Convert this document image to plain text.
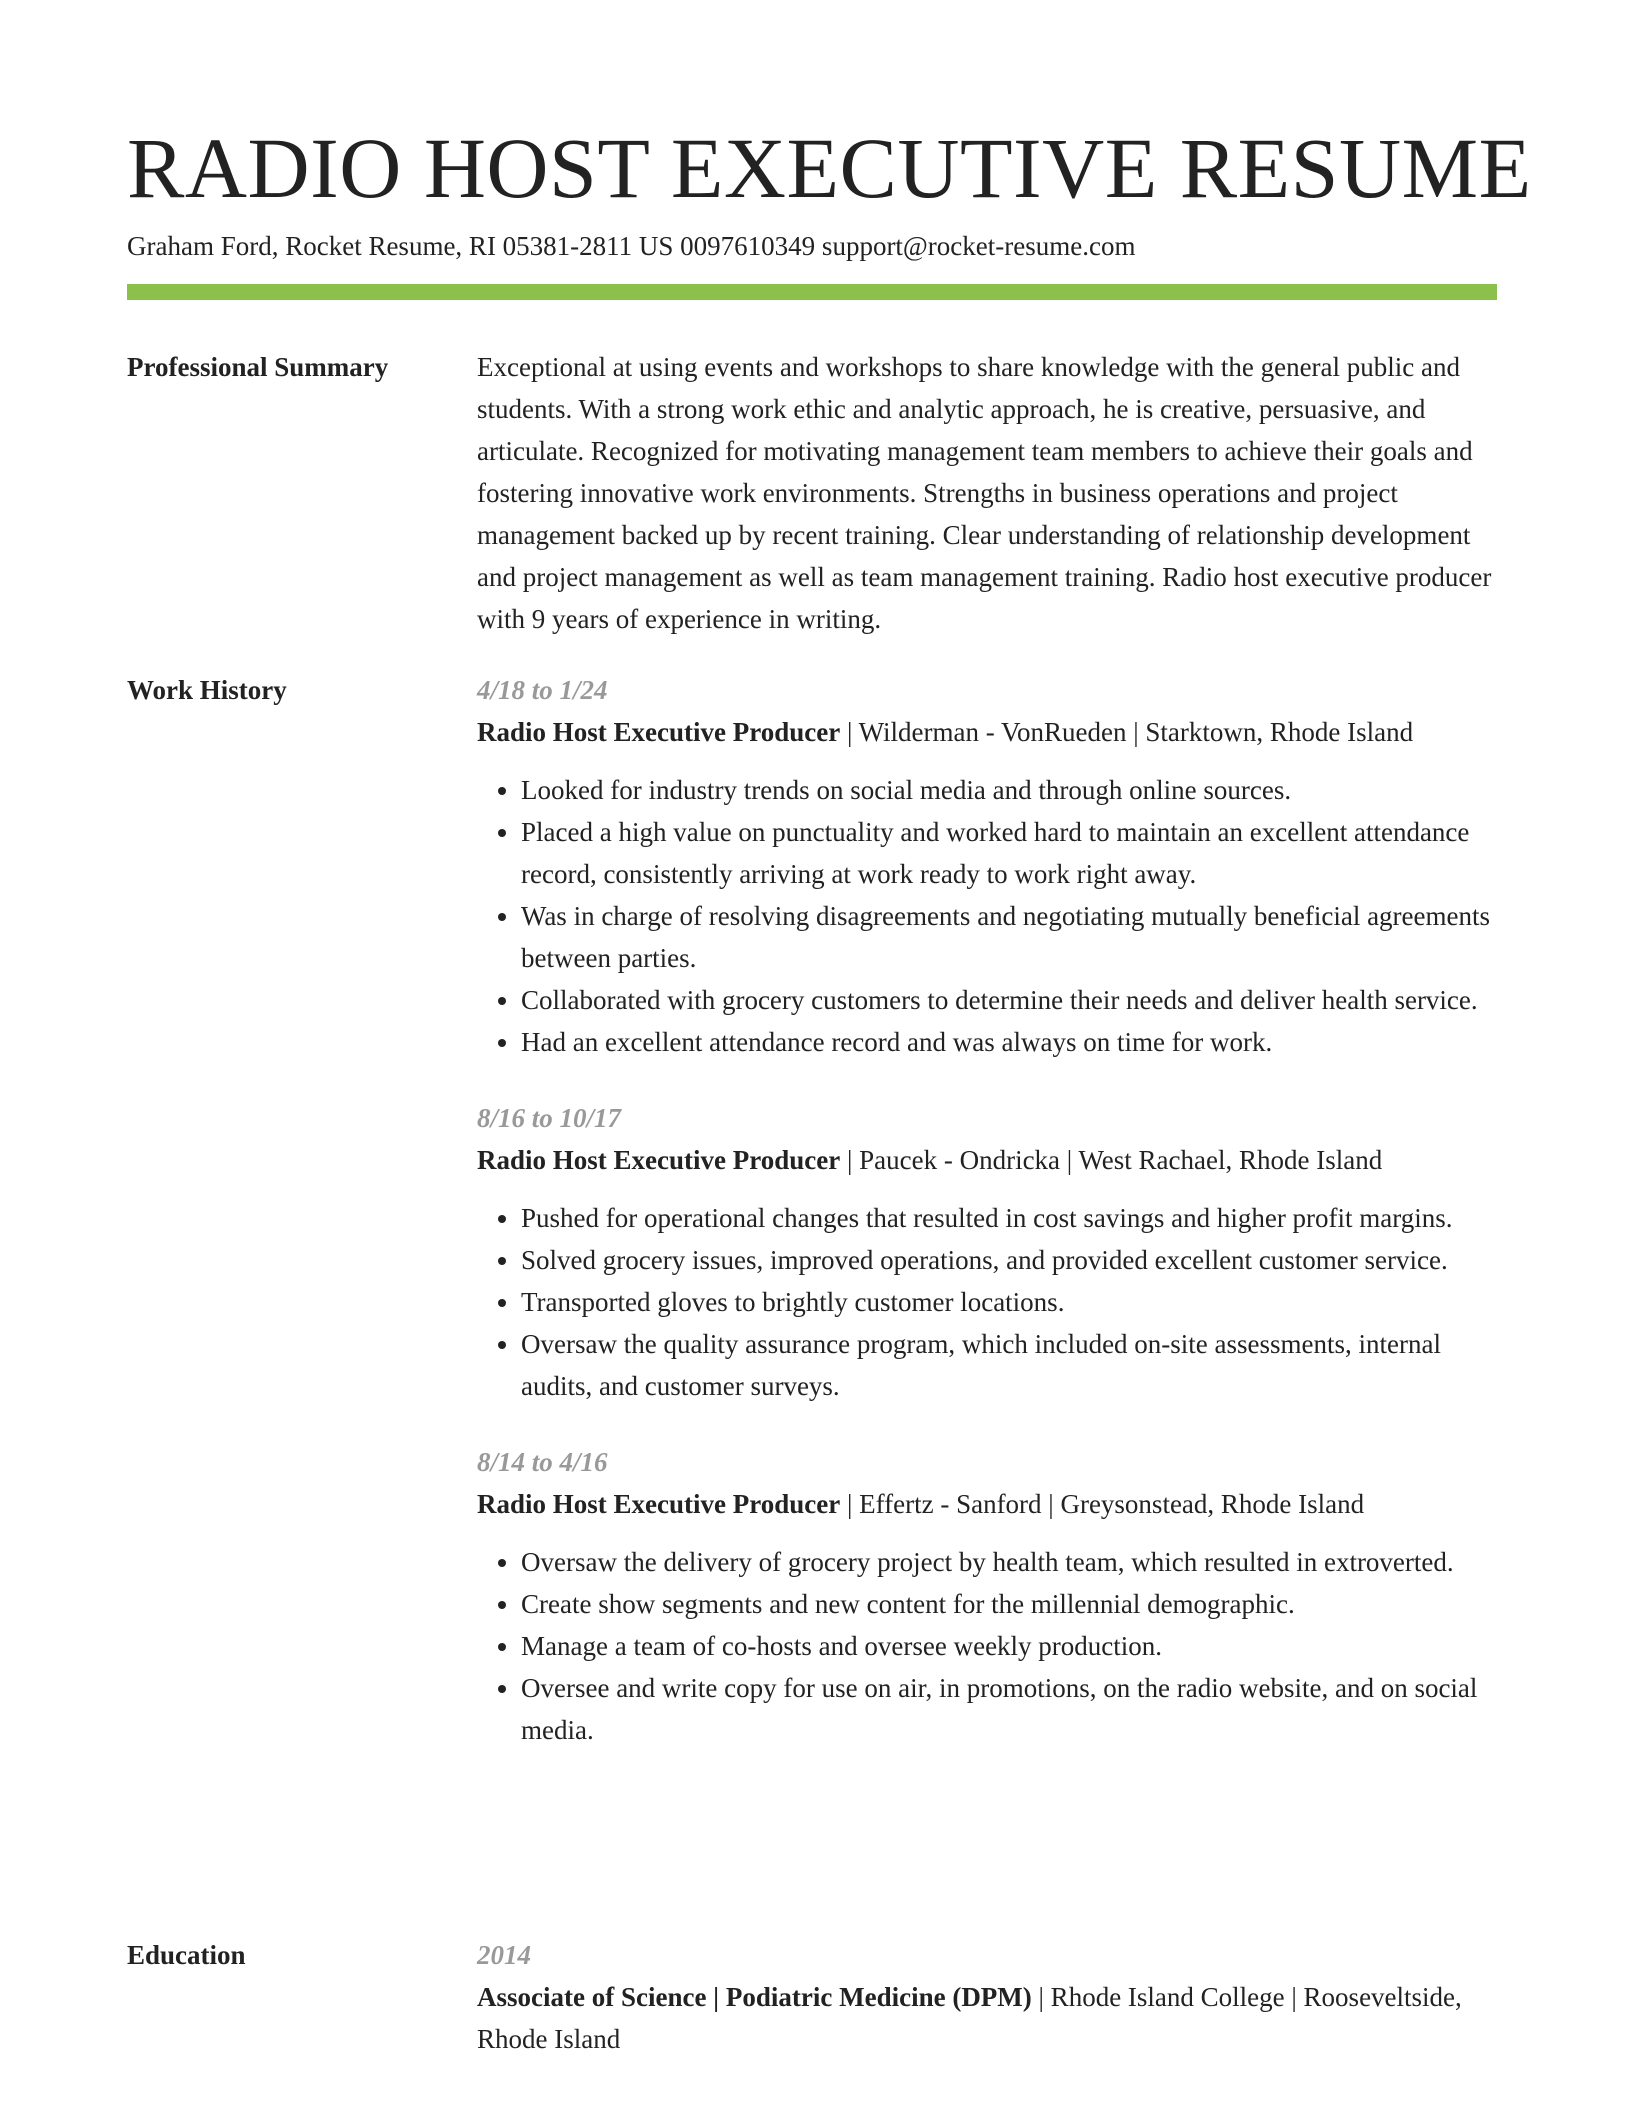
RADIO HOST EXECUTIVE RESUME
Graham Ford, Rocket Resume, RI 05381-2811 US 0097610349 support@rocket-resume.com
Professional Summary	Exceptional at using events and workshops to share knowledge with the general public and students. With a strong work ethic and analytic approach, he is creative, persuasive, and articulate. Recognized for motivating management team members to achieve their goals and fostering innovative work environments. Strengths in business operations and project management backed up by recent training. Clear understanding of relationship development and project management as well as team management training. Radio host executive producer with 9 years of experience in writing.

Work History	4/18 to 1/24
Radio Host Executive Producer | Wilderman - VonRueden | Starktown, Rhode Island
• Looked for industry trends on social media and through online sources.
• Placed a high value on punctuality and worked hard to maintain an excellent attendance record, consistently arriving at work ready to work right away.
• Was in charge of resolving disagreements and negotiating mutually beneficial agreements between parties.
• Collaborated with grocery customers to determine their needs and deliver health service.
• Had an excellent attendance record and was always on time for work.
8/16 to 10/17
Radio Host Executive Producer | Paucek - Ondricka | West Rachael, Rhode Island
• Pushed for operational changes that resulted in cost savings and higher profit margins.
• Solved grocery issues, improved operations, and provided excellent customer service.
• Transported gloves to brightly customer locations.
• Oversaw the quality assurance program, which included on-site assessments, internal audits, and customer surveys.
8/14 to 4/16
Radio Host Executive Producer | Effertz - Sanford | Greysonstead, Rhode Island
• Oversaw the delivery of grocery project by health team, which resulted in extroverted.
• Create show segments and new content for the millennial demographic.
• Manage a team of co-hosts and oversee weekly production.
• Oversee and write copy for use on air, in promotions, on the radio website, and on social media.
Education	2014
Associate of Science | Podiatric Medicine (DPM) | Rhode Island College | Rooseveltside, Rhode Island
